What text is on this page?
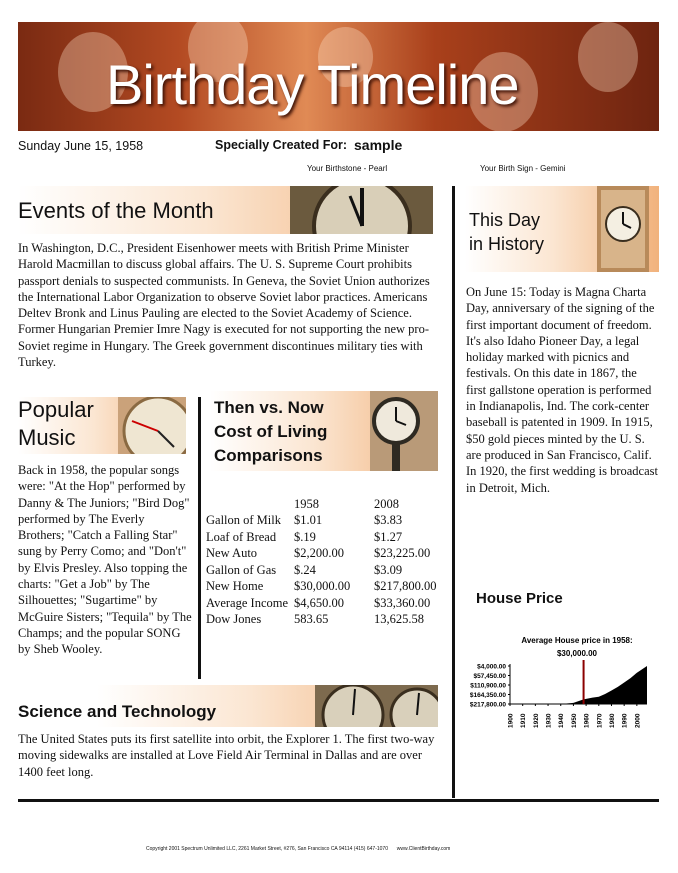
Birthday Timeline
Sunday June 15, 1958	Specially Created For: sample
Your Birthstone - Pearl	Your Birth Sign - Gemini
Events of the Month
In Washington, D.C., President Eisenhower meets with British Prime Minister Harold Macmillan to discuss global affairs. The U. S. Supreme Court prohibits passport denials to suspected communists. In Geneva, the Soviet Union authorizes the International Labor Organization to observe Soviet labor practices. Americans Deltev Bronk and Linus Pauling are elected to the Soviet Academy of Science. Former Hungarian Premier Imre Nagy is executed for not supporting the new pro-Soviet regime in Hungary. The Greek government discontinues military ties with Turkey.
This Day
in History
On June 15: Today is Magna Charta Day, anniversary of the signing of the first important document of freedom. It's also Idaho Pioneer Day, a legal holiday marked with picnics and festivals. On this date in 1867, the first gallstone operation is performed in Indianapolis, Ind. The cork-center baseball is patented in 1909. In 1915, $50 gold pieces minted by the U. S. are produced in San Francisco, Calif. In 1920, the first wedding is broadcast in Detroit, Mich.
Popular
Music
Back in 1958, the popular songs were: "At the Hop" performed by Danny & The Juniors; "Bird Dog" performed by The Everly Brothers; "Catch a Falling Star" sung by Perry Como; and "Don't" by Elvis Presley. Also topping the charts: "Get a Job" by The Silhouettes; "Sugartime" by McGuire Sisters; "Tequila" by The Champs; and the popular SONG by Sheb Wooley.
Then vs. Now
Cost of Living
Comparisons
	1958	2008
Gallon of Milk	$1.01	$3.83
Loaf of Bread	$.19	$1.27
New Auto	$2,200.00	$23,225.00
Gallon of Gas	$.24	$3.09
New Home	$30,000.00	$217,800.00
Average Income	$4,650.00	$33,360.00
Dow Jones	583.65	13,625.58
House Price
Average House price in 1958:
$30,000.00
$217,800.00
$164,350.00
$110,900.00
$57,450.00
$4,000.00
1900 1910 1920 1930 1940 1950 1960 1970 1980 1990 2000
Science and Technology
The United States puts its first satellite into orbit, the Explorer 1. The first two-way moving sidewalks are installed at Love Field Air Terminal in Dallas and are over 1400 feet long.
Copyright 2001 Spectrum Unlimited LLC, 2261 Market Street, #276, San Francisco CA 94114 (415) 647-1070 www.ClientBirthday.com
